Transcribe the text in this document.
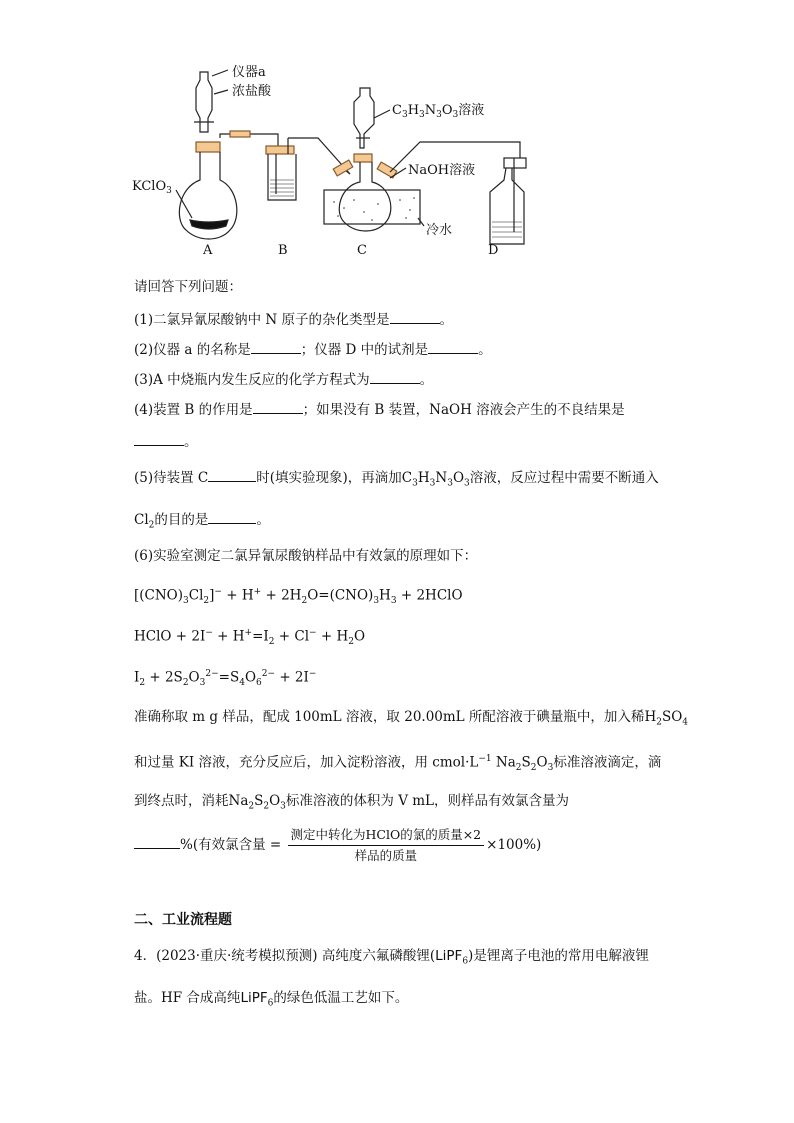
仪器a
浓盐酸
KClO$_3$
$C_3H_3N_3O_3$溶液
NaOH溶液
冷水
A	B	C	D
请回答下列问题：
(1)二氯异氰尿酸钠中 N 原子的杂化类型是	。
(2)仪器 a 的名称是	；仪器 D 中的试剂是	。
(3)A 中烧瓶内发生反应的化学方程式为	。
(4)装置 B 的作用是	；如果没有 B 装置，NaOH 溶液会产生的不良结果是
。
(5)待装置 C	时(填实验现象)，再滴加$C_3H_3N_3O_3$溶液，反应过程中需要不断通入
$Cl_2$的目的是	。
(6)实验室测定二氯异氰尿酸钠样品中有效氯的原理如下：
$[(CNO)_3Cl_2]^- + H^+ + 2H_2O=(CNO)_3H_3$ + 2HClO
HClO + $2I^- + H^+=I_2 + Cl^- + H_2O$
$I_2 + 2S_2O_3^{2-}=S_4O_6^{2-} + 2I^-$
准确称取 m g 样品，配成 100mL 溶液，取 20.00mL 所配溶液于碘量瓶中，加入稀$H_2SO_4$
和过量 KI 溶液，充分反应后，加入淀粉溶液，用 $cmol\cdot L^{-1}$ $Na_2S_2O_3$标准溶液滴定，滴
到终点时，消耗$Na_2S_2O_3$标准溶液的体积为 V mL，则样品有效氯含量为
%(有效氯含量 = $\frac{\text{测定中转化为HClO的氯的质量×2}}{\text{样品的质量}} \times 100\%$)
二、工业流程题
4．(2023·重庆·统考模拟预测) 高纯度六氟磷酸锂(LiPF$_6$)是锂离子电池的常用电解液锂
盐。HF 合成高纯LiPF$_6$的绿色低温工艺如下。
